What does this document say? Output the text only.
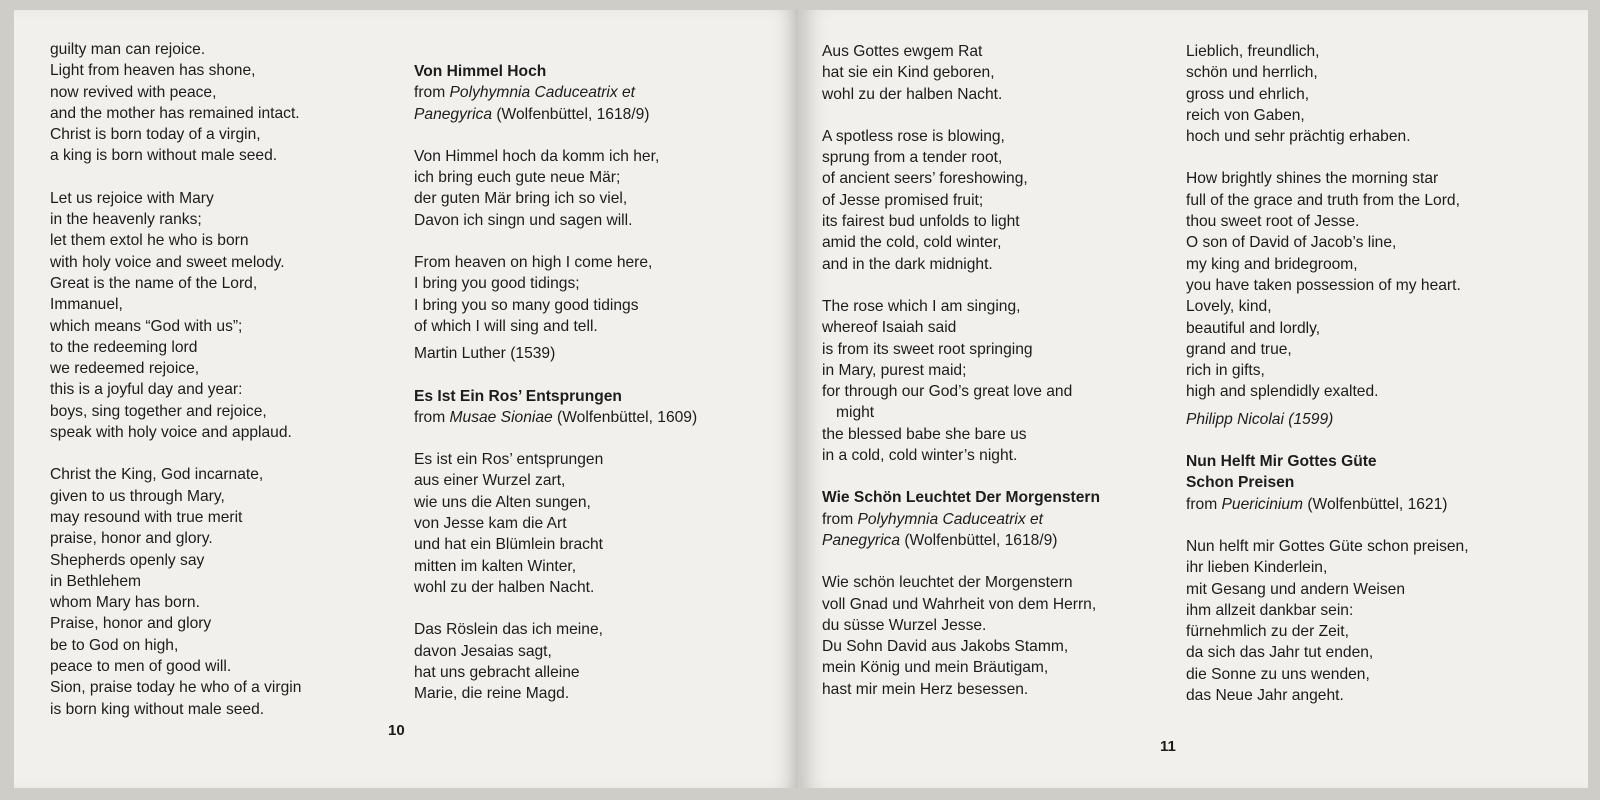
guilty man can rejoice.

Light from heaven has shone,

now revived with peace,

and the mother has remained intact.

Christ is born today of a virgin,

a king is born without male seed.

Let us rejoice with Mary

in the heavenly ranks;

let them extol he who is born

with holy voice and sweet melody.

Great is the name of the Lord,

Immanuel,

which means “God with us”;

to the redeeming lord

we redeemed rejoice,

this is a joyful day and year:

boys, sing together and rejoice,

speak with holy voice and applaud.

Christ the King, God incarnate,

given to us through Mary,

may resound with true merit

praise, honor and glory.

Shepherds openly say

in Bethlehem

whom Mary has born.

Praise, honor and glory

be to God on high,

peace to men of good will.

Sion, praise today he who of a virgin

is born king without male seed.

Von Himmel Hoch

from Polyhymnia Caduceatrix et

Panegyrica (Wolfenbüttel, 1618/9)

Von Himmel hoch da komm ich her,

ich bring euch gute neue Mär;

der guten Mär bring ich so viel,

Davon ich singn und sagen will.

From heaven on high I come here,

I bring you good tidings;

I bring you so many good tidings

of which I will sing and tell.

Martin Luther (1539)

Es Ist Ein Ros’ Entsprungen

from Musae Sioniae (Wolfenbüttel, 1609)

Es ist ein Ros’ entsprungen

aus einer Wurzel zart,

wie uns die Alten sungen,

von Jesse kam die Art

und hat ein Blümlein bracht

mitten im kalten Winter,

wohl zu der halben Nacht.

Das Röslein das ich meine,

davon Jesaias sagt,

hat uns gebracht alleine

Marie, die reine Magd.

10

Aus Gottes ewgem Rat

hat sie ein Kind geboren,

wohl zu der halben Nacht.

A spotless rose is blowing,

sprung from a tender root,

of ancient seers’ foreshowing,

of Jesse promised fruit;

its fairest bud unfolds to light

amid the cold, cold winter,

and in the dark midnight.

The rose which I am singing,

whereof Isaiah said

is from its sweet root springing

in Mary, purest maid;

for through our God’s great love and

might

the blessed babe she bare us

in a cold, cold winter’s night.

Wie Schön Leuchtet Der Morgenstern

from Polyhymnia Caduceatrix et

Panegyrica (Wolfenbüttel, 1618/9)

Wie schön leuchtet der Morgenstern

voll Gnad und Wahrheit von dem Herrn,

du süsse Wurzel Jesse.

Du Sohn David aus Jakobs Stamm,

mein König und mein Bräutigam,

hast mir mein Herz besessen.

Lieblich, freundlich,

schön und herrlich,

gross und ehrlich,

reich von Gaben,

hoch und sehr prächtig erhaben.

How brightly shines the morning star

full of the grace and truth from the Lord,

thou sweet root of Jesse.

O son of David of Jacob’s line,

my king and bridegroom,

you have taken possession of my heart.

Lovely, kind,

beautiful and lordly,

grand and true,

rich in gifts,

high and splendidly exalted.

Philipp Nicolai (1599)

Nun Helft Mir Gottes Güte

Schon Preisen

from Puericinium (Wolfenbüttel, 1621)

Nun helft mir Gottes Güte schon preisen,

ihr lieben Kinderlein,

mit Gesang und andern Weisen

ihm allzeit dankbar sein:

fürnehmlich zu der Zeit,

da sich das Jahr tut enden,

die Sonne zu uns wenden,

das Neue Jahr angeht.

11
